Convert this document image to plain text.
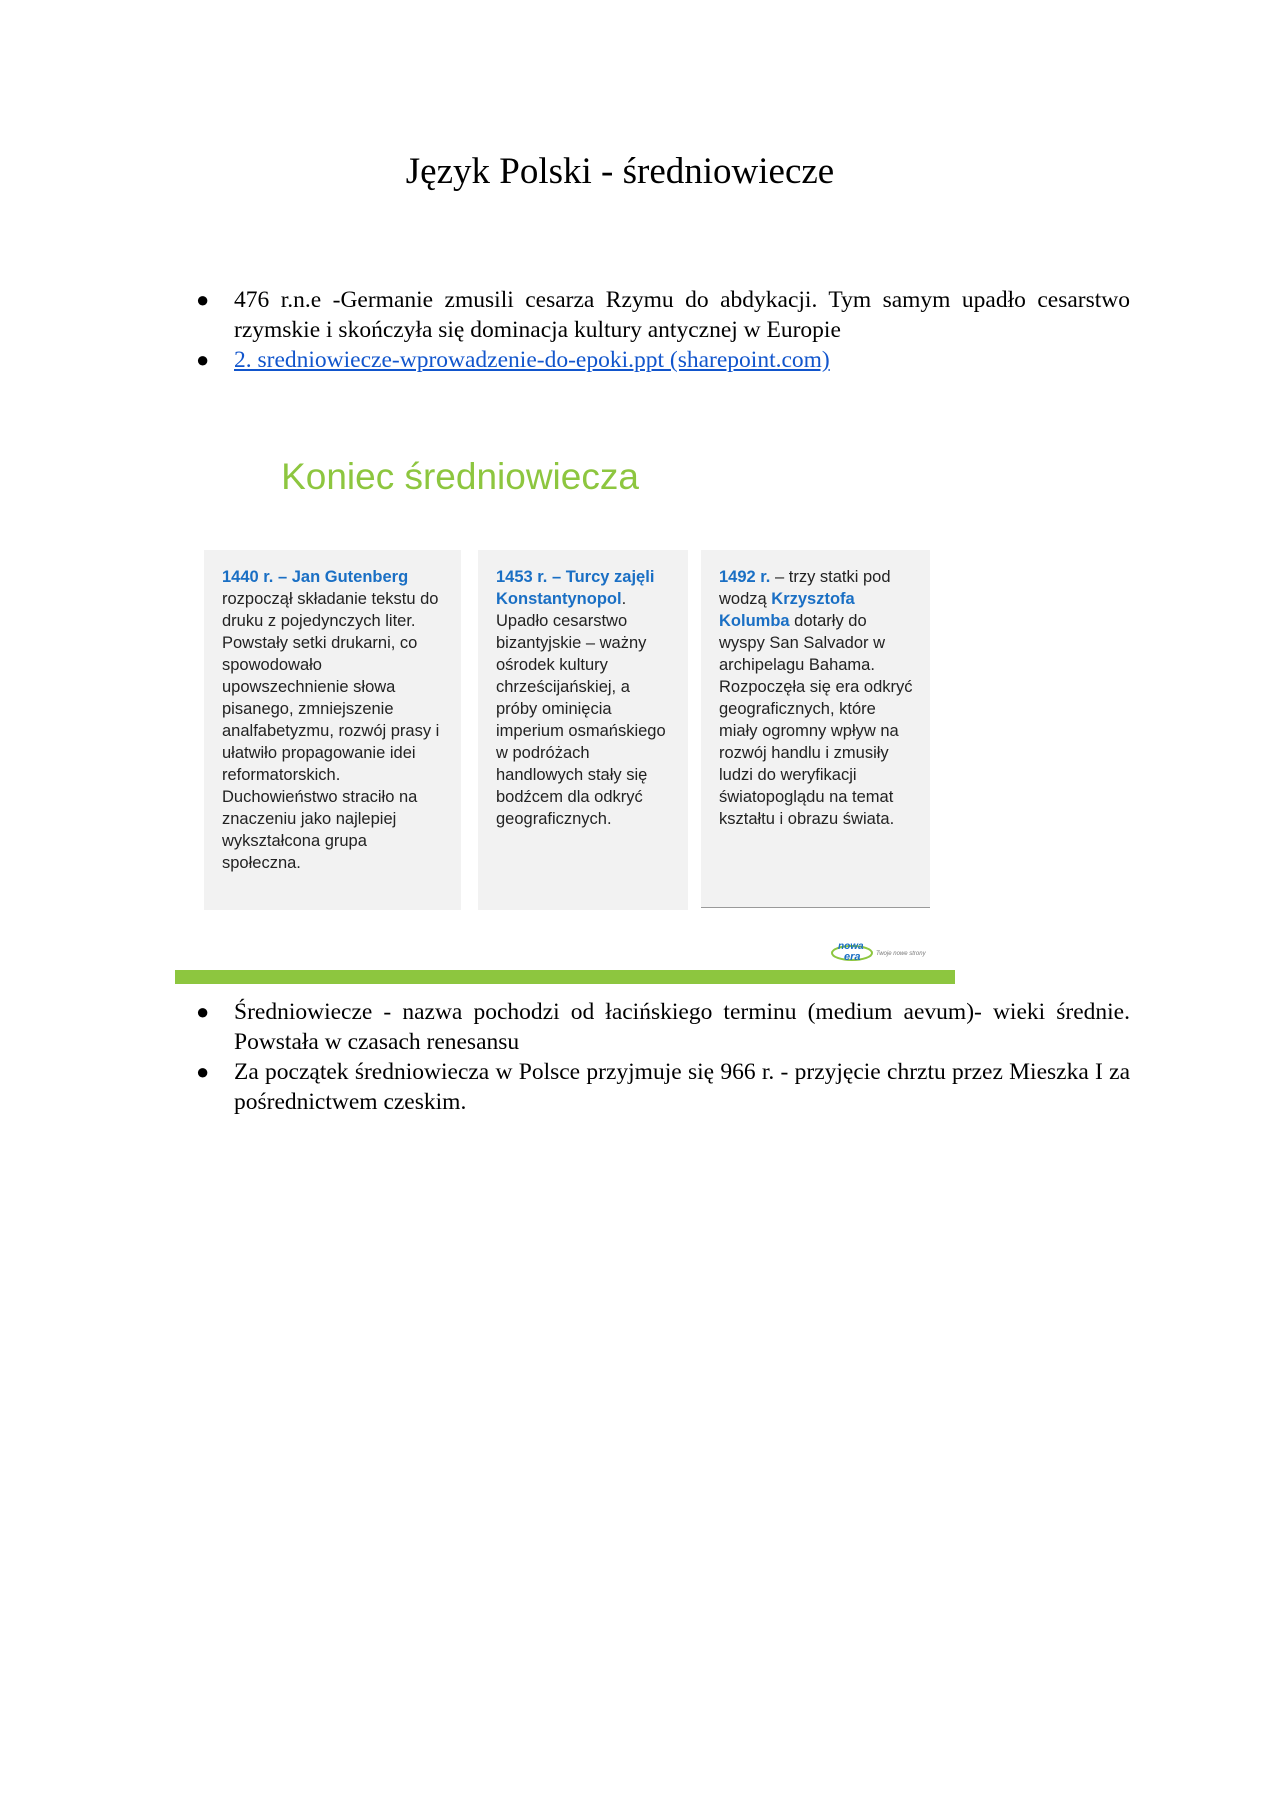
Język Polski - średniowiecze
● 476 r.n.e -Germanie zmusili cesarza Rzymu do abdykacji. Tym samym upadło cesarstwo rzymskie i skończyła się dominacja kultury antycznej w Europie
● 2. sredniowiecze-wprowadzenie-do-epoki.ppt (sharepoint.com)
Koniec średniowiecza
1440 r. – Jan Gutenberg rozpoczął składanie tekstu do druku z pojedynczych liter. Powstały setki drukarni, co spowodowało upowszechnienie słowa pisanego, zmniejszenie analfabetyzmu, rozwój prasy i ułatwiło propagowanie idei reformatorskich. Duchowieństwo straciło na znaczeniu jako najlepiej wykształcona grupa społeczna.
1453 r. – Turcy zajęli Konstantynopol. Upadło cesarstwo bizantyjskie – ważny ośrodek kultury chrześcijańskiej, a próby ominięcia imperium osmańskiego w podróżach handlowych stały się bodźcem dla odkryć geograficznych.
1492 r. – trzy statki pod wodzą Krzysztofa Kolumba dotarły do wyspy San Salvador w archipelagu Bahama. Rozpoczęła się era odkryć geograficznych, które miały ogromny wpływ na rozwój handlu i zmusiły ludzi do weryfikacji światopoglądu na temat kształtu i obrazu świata.
nowa
era	Twoje nowe strony
● Średniowiecze - nazwa pochodzi od łacińskiego terminu (medium aevum)- wieki średnie. Powstała w czasach renesansu
● Za początek średniowiecza w Polsce przyjmuje się 966 r. - przyjęcie chrztu przez Mieszka I za pośrednictwem czeskim.
